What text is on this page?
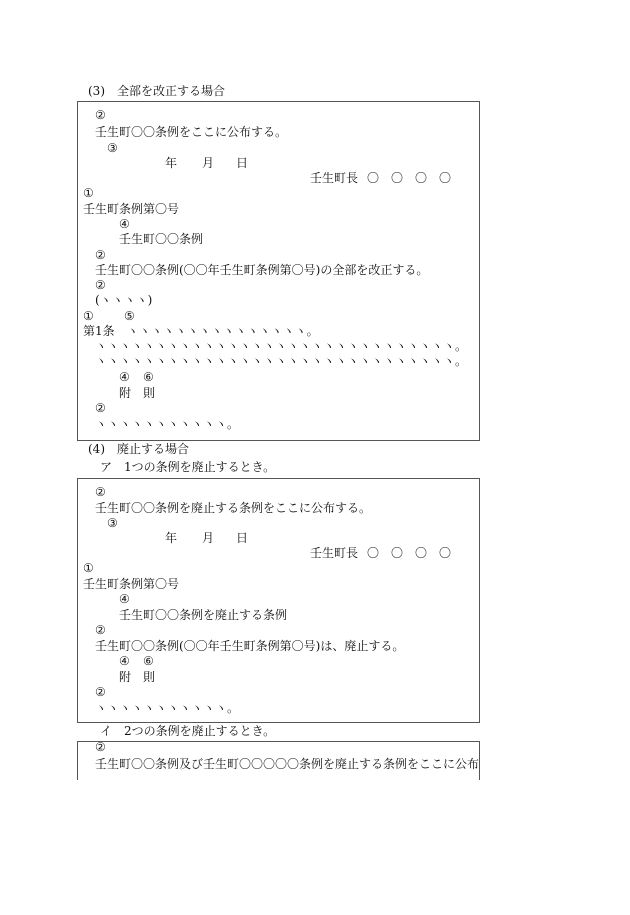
(3)　全部を改正する場合
②
壬生町〇〇条例をここに公布する。
③
年 月 日
壬生町長 〇 〇 〇 〇
①
壬生町条例第〇号
④
壬生町〇〇条例
②
壬生町〇〇条例(〇〇年壬生町条例第〇号)の全部を改正する。
②
(ヽヽヽヽ)
①	⑤
第1条　ヽヽヽヽヽヽヽヽヽヽヽヽヽヽヽ。
ヽヽヽヽヽヽヽヽヽヽヽヽヽヽヽヽヽヽヽヽヽヽヽヽヽヽヽヽヽヽ。
ヽヽヽヽヽヽヽヽヽヽヽヽヽヽヽヽヽヽヽヽヽヽヽヽヽヽヽヽヽヽ。
④ ⑥
附　則
②
ヽヽヽヽヽヽヽヽヽヽヽ。
(4)　廃止する場合
ア　1つの条例を廃止するとき。
②
壬生町〇〇条例を廃止する条例をここに公布する。
③
年 月 日
壬生町長 〇 〇 〇 〇
①
壬生町条例第〇号
④
壬生町〇〇条例を廃止する条例
②
壬生町〇〇条例(〇〇年壬生町条例第〇号)は、廃止する。
④ ⑥
附　則
②
ヽヽヽヽヽヽヽヽヽヽヽ。
イ　2つの条例を廃止するとき。
②
壬生町〇〇条例及び壬生町〇〇〇〇〇条例を廃止する条例をここに公布
